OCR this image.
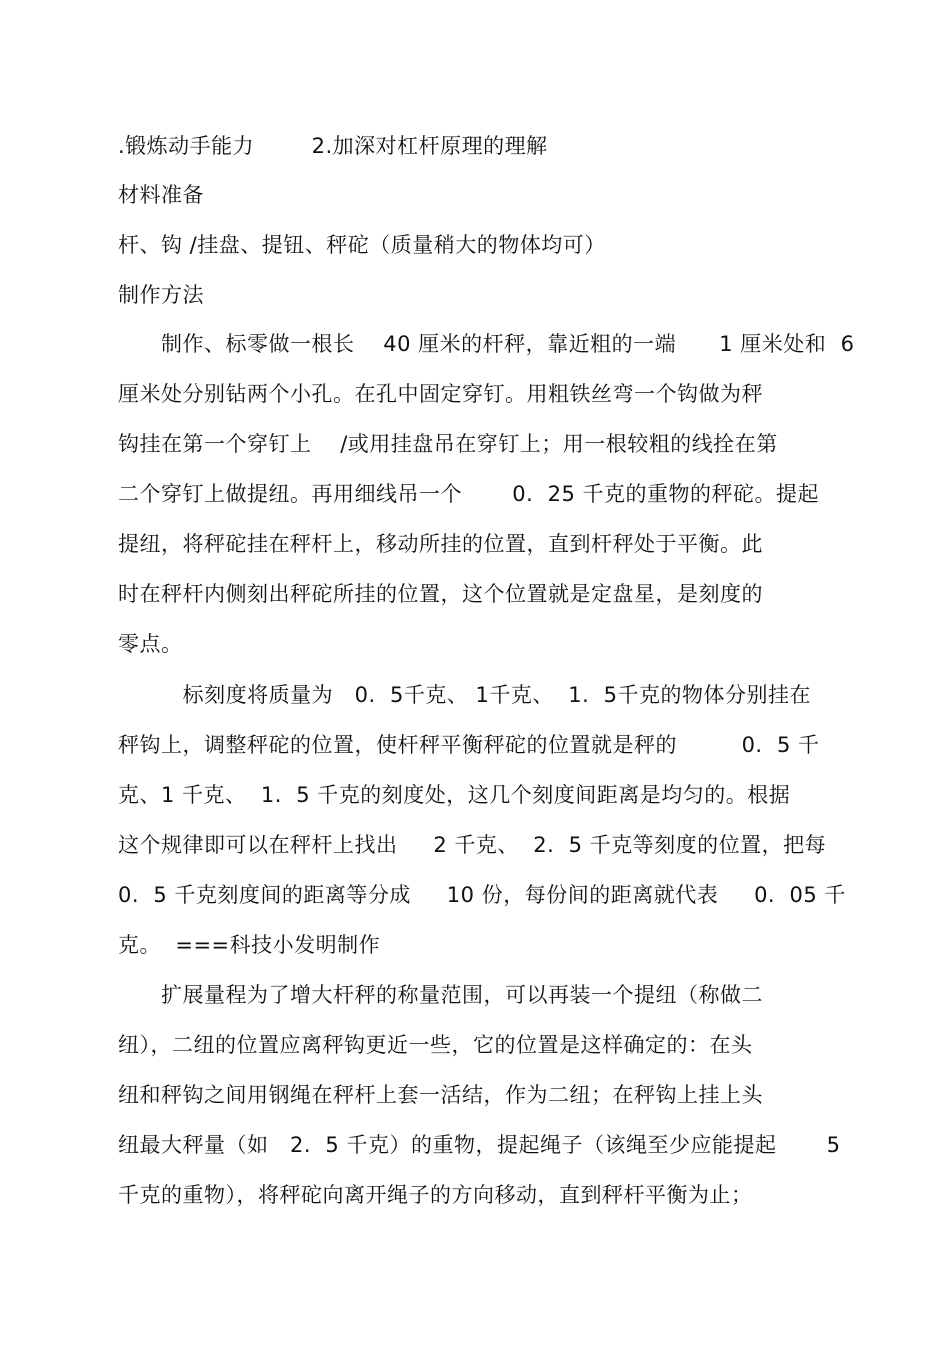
.锻炼动手能力        2.加深对杠杆原理的理解
材料准备
杆、钩 /挂盘、提钮、秤砣（质量稍大的物体均可）
制作方法
制作、标零做一根长    40 厘米的杆秤，靠近粗的一端      1 厘米处和  6
厘米处分别钻两个小孔。在孔中固定穿钉。用粗铁丝弯一个钩做为秤
钩挂在第一个穿钉上    /或用挂盘吊在穿钉上；用一根较粗的线拴在第
二个穿钉上做提纽。再用细线吊一个       0.  25 千克的重物的秤砣。提起
提纽，将秤砣挂在秤杆上，移动所挂的位置，直到杆秤处于平衡。此
时在秤杆内侧刻出秤砣所挂的位置，这个位置就是定盘星，是刻度的
零点。
标刻度将质量为   0.  5千克、 1千克、  1.  5千克的物体分别挂在
秤钩上，调整秤砣的位置，使杆秤平衡秤砣的位置就是秤的         0.  5 千
克、1 千克、  1.  5 千克的刻度处，这几个刻度间距离是均匀的。根据
这个规律即可以在秤杆上找出     2 千克、  2.  5 千克等刻度的位置，把每
0.  5 千克刻度间的距离等分成     10 份，每份间的距离就代表     0.  05 千
克。  ===科技小发明制作
扩展量程为了增大杆秤的称量范围，可以再装一个提纽（称做二
纽），二纽的位置应离秤钩更近一些，它的位置是这样确定的：在头
纽和秤钩之间用钢绳在秤杆上套一活结，作为二纽；在秤钩上挂上头
纽最大秤量（如   2.  5 千克）的重物，提起绳子（该绳至少应能提起       5
千克的重物），将秤砣向离开绳子的方向移动，直到秤杆平衡为止；
